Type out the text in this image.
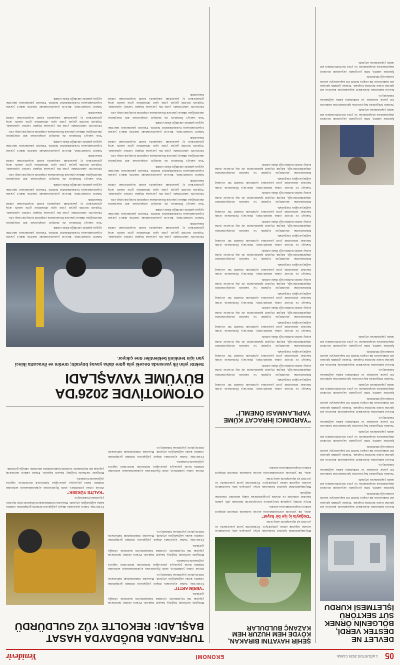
05
1 AĞUSTOS 2025 CUMA
EKONOMİ
Yenidevir
DEVLET NE DESTEK VERDİ, BÖLGENİN ÖRNEK SÜT SEKTÖRÜ İŞLETMESİ KURDU

Kırsal kalkınma destekleri kapsamında kurulan süt işleme tesisi üretime başladı. Tesiste günlük işlenen süt miktarının ilk etapta belirli bir kapasiteyle sınırlı tutulacağı bildirildi.

İşletme sahibi, hibe programı sayesinde modern ekipmanlara ulaştıklarını ve yöre üreticilerinden süt alımı yaptıklarını söyledi.

Tesisin bölgedeki hayvancılık işletmelerine istikrarlı bir pazar sunması ve istihdama katkı sağlaması bekleniyor.

Kırsal kalkınma destekleri kapsamında kurulan süt işleme tesisi üretime başladı. Tesiste günlük işlenen süt miktarının ilk etapta belirli bir kapasiteyle sınırlı tutulacağı bildirildi.

İşletme sahibi, hibe programı sayesinde modern ekipmanlara ulaştıklarını ve yöre üreticilerinden süt alımı yaptıklarını söyledi.

Tesisin bölgedeki hayvancılık işletmelerine istikrarlı bir pazar sunması ve istihdama katkı sağlaması bekleniyor.

Kırsal kalkınma destekleri kapsamında kurulan süt işleme tesisi üretime başladı. Tesiste günlük işlenen süt miktarının ilk etapta belirli bir kapasiteyle sınırlı tutulacağı bildirildi.

İşletme sahibi, hibe programı sayesinde modern ekipmanlara ulaştıklarını ve yöre üreticilerinden süt alımı yaptıklarını söyledi.

Tesisin bölgedeki hayvancılık işletmelerine istikrarlı bir pazar sunması ve istihdama katkı sağlaması bekleniyor.

Kırsal kalkınma destekleri kapsamında kurulan süt işleme tesisi üretime başladı. Tesiste günlük işlenen süt miktarının ilk etapta belirli bir kapasiteyle sınırlı tutulacağı bildirildi.

İşletme sahibi, hibe programı sayesinde modern ekipmanlara ulaştıklarını ve yöre üreticilerinden süt alımı yaptıklarını söyledi.

İşletme sahibi, hibe programı sayesinde modern ekipmanlara ulaştıklarını ve yöre üreticilerinden süt alımı yaptıklarını söyledi.

Tesisin bölgedeki hayvancılık işletmelerine istikrarlı bir pazar sunması ve istihdama katkı sağlaması bekleniyor.

Kırsal kalkınma destekleri kapsamında kurulan süt işleme tesisi üretime başladı. Tesiste günlük işlenen süt miktarının ilk etapta belirli bir kapasiteyle sınırlı tutulacağı bildirildi.

İşletme sahibi, hibe programı sayesinde modern ekipmanlara ulaştıklarını ve yöre üreticilerinden süt alımı yaptıklarını söyledi.

ŞEHİR HAYATINI BIRAKAN, KÖYDE HEM HUZUR HEM KAZANÇ BULDULAR

Büyükşehirdeki işlerini bırakarak köye yerleşen aile, kurdukları serada organik sebze yetiştiriyor. Ürünlerini yerel pazarlarda ve çevrim içi siparişlerle satıyorlar.

"Doğayla iç içe bir hayat"

Aile, ilk yıllarda zorlandıklarını ancak zamanla düzenli müşteri kitlesi oluşturduklarını anlattı.

Köye dönüş yapmak isteyenlere tavsiyelerde bulunan çift, planlı hareket etmenin ve destek programlarını takip etmenin önemine değindi.

Büyükşehirdeki işlerini bırakarak köye yerleşen aile, kurdukları serada organik sebze yetiştiriyor. Ürünlerini yerel pazarlarda ve çevrim içi siparişlerle satıyorlar.

Aile, ilk yıllarda zorlandıklarını ancak zamanla düzenli müşteri kitlesi oluşturduklarını anlattı.

"YARDIMCI İHRACAT KÜME YAPILANMASI ÖNEMLİ"

Sanayi ve ticaret odası temsilcileri, ihracatçı firmaların ortak hareket etmesinin yeni pazarlara açılmada önemli bir avantaj sağlayacağını vurguladı.

Kümelenme modeliyle lojistik ve tanıtım maliyetlerinin düşürülebileceği, küçük ölçekli işletmelerin de dış ticarete daha kolay dahil olabileceği ifade edildi.

Sanayi ve ticaret odası temsilcileri, ihracatçı firmaların ortak hareket etmesinin yeni pazarlara açılmada önemli bir avantaj sağlayacağını vurguladı.

Kümelenme modeliyle lojistik ve tanıtım maliyetlerinin düşürülebileceği, küçük ölçekli işletmelerin de dış ticarete daha kolay dahil olabileceği ifade edildi.

Sanayi ve ticaret odası temsilcileri, ihracatçı firmaların ortak hareket etmesinin yeni pazarlara açılmada önemli bir avantaj sağlayacağını vurguladı.

Kümelenme modeliyle lojistik ve tanıtım maliyetlerinin düşürülebileceği, küçük ölçekli işletmelerin de dış ticarete daha kolay dahil olabileceği ifade edildi.

Sanayi ve ticaret odası temsilcileri, ihracatçı firmaların ortak hareket etmesinin yeni pazarlara açılmada önemli bir avantaj sağlayacağını vurguladı.

Kümelenme modeliyle lojistik ve tanıtım maliyetlerinin düşürülebileceği, küçük ölçekli işletmelerin de dış ticarete daha kolay dahil olabileceği ifade edildi.

Sanayi ve ticaret odası temsilcileri, ihracatçı firmaların ortak hareket etmesinin yeni pazarlara açılmada önemli bir avantaj sağlayacağını vurguladı.

Kümelenme modeliyle lojistik ve tanıtım maliyetlerinin düşürülebileceği, küçük ölçekli işletmelerin de dış ticarete daha kolay dahil olabileceği ifade edildi.

Sanayi ve ticaret odası temsilcileri, ihracatçı firmaların ortak hareket etmesinin yeni pazarlara açılmada önemli bir avantaj sağlayacağını vurguladı.

Kümelenme modeliyle lojistik ve tanıtım maliyetlerinin düşürülebileceği, küçük ölçekli işletmelerin de dış ticarete daha kolay dahil olabileceği ifade edildi.

Sanayi ve ticaret odası temsilcileri, ihracatçı firmaların ortak hareket etmesinin yeni pazarlara açılmada önemli bir avantaj sağlayacağını vurguladı.

Kümelenme modeliyle lojistik ve tanıtım maliyetlerinin düşürülebileceği, küçük ölçekli işletmelerin de dış ticarete daha kolay dahil olabileceği ifade edildi.

Sanayi ve ticaret odası temsilcileri, ihracatçı firmaların ortak hareket etmesinin yeni pazarlara açılmada önemli bir avantaj sağlayacağını vurguladı.

Kümelenme modeliyle lojistik ve tanıtım maliyetlerinin düşürülebileceği, küçük ölçekli işletmelerin de dış ticarete daha kolay dahil olabileceği ifade edildi.

TURFANDA BUĞDAYDA HASAT BAŞLADI: REKOLTE YÜZ GULDÜRDÜ

Bölgede turfanda buğday hasadı başladı. Erken ekilen tarlalarda yapılan ilk biçimlerde verimin beklentilerin üzerinde olduğu görüldü.

"VERİM ARTTI"

Üreticiler, bahar aylarında düşen yağışların ürünün gelişimine olumlu katkı sağladığını söyledi. Hasadın önümüzdeki haftalarda tüm ilçelere yayılması bekleniyor.

Ziraat odası yetkilileri, alım fiyatlarının açıklanmasının ardından ürünün hızla piyasaya çıkacağını belirterek üreticilere sigorta çağrısında bulundu.

Bölgede turfanda buğday hasadı başladı. Erken ekilen tarlalarda yapılan ilk biçimlerde verimin beklentilerin üzerinde olduğu görüldü.

Üreticiler, bahar aylarında düşen yağışların ürünün gelişimine olumlu katkı sağladığını söyledi. Hasadın önümüzdeki haftalarda tüm ilçelere yayılması bekleniyor.

Üreticiler, bahar aylarında düşen yağışların ürünün gelişimine olumlu katkı sağladığını söyledi. Hasadın önümüzdeki haftalarda tüm ilçelere yayılması bekleniyor.

"KALİTE YÜKSEK"

Ziraat odası yetkilileri, alım fiyatlarının açıklanmasının ardından ürünün hızla piyasaya çıkacağını belirterek üreticilere sigorta çağrısında bulundu.

Bölgede turfanda buğday hasadı başladı. Erken ekilen tarlalarda yapılan ilk biçimlerde verimin beklentilerin üzerinde olduğu görüldü.

Ziraat odası yetkilileri, alım fiyatlarının açıklanmasının ardından ürünün hızla piyasaya çıkacağını belirterek üreticilere sigorta çağrısında bulundu.

Üreticiler, bahar aylarında düşen yağışların ürünün gelişimine olumlu katkı sağladığını söyledi. Hasadın önümüzdeki haftalarda tüm ilçelere yayılması bekleniyor.

OTOMOTİVDE 2026'DA BÜYÜME YAVAŞLADI
Sektör yılın ilk yarısında önceki yıla göre daha yavaş büyüdü; üretim ve ihracatta ikinci yarı için temkinli beklentiler öne çıkıyor.

Otomotiv sektöründe yılın ilk yarısına ilişkin veriler açıklandı. Toplam üretim geçen yılın aynı dönemine göre sınırlı artış gösterirken iç pazardaki satışlarda kredi koşullarının etkisi hissedildi.

Sektör temsilcileri, ihracat pazarlarındaki talebin ikinci yarıda toparlanmasını beklediklerini belirtti. Yatırım planlarının takvime uygun şekilde sürdüğü ifade edildi.

Yan sanayi firmaları da maliyet artışlarının kâr marjlarını daralttığına dikkat çekerek finansmana erişimde kolaylık talep etti.

Otomotiv sektöründe yılın ilk yarısına ilişkin veriler açıklandı. Toplam üretim geçen yılın aynı dönemine göre sınırlı artış gösterirken iç pazardaki satışlarda kredi koşullarının etkisi hissedildi.

Sektör temsilcileri, ihracat pazarlarındaki talebin ikinci yarıda toparlanmasını beklediklerini belirtti. Yatırım planlarının takvime uygun şekilde sürdüğü ifade edildi.

Yan sanayi firmaları da maliyet artışlarının kâr marjlarını daralttığına dikkat çekerek finansmana erişimde kolaylık talep etti.

Otomotiv sektöründe yılın ilk yarısına ilişkin veriler açıklandı. Toplam üretim geçen yılın aynı dönemine göre sınırlı artış gösterirken iç pazardaki satışlarda kredi koşullarının etkisi hissedildi.

Sektör temsilcileri, ihracat pazarlarındaki talebin ikinci yarıda toparlanmasını beklediklerini belirtti. Yatırım planlarının takvime uygun şekilde sürdüğü ifade edildi.

Yan sanayi firmaları da maliyet artışlarının kâr marjlarını daralttığına dikkat çekerek finansmana erişimde kolaylık talep etti.

Otomotiv sektöründe yılın ilk yarısına ilişkin veriler açıklandı. Toplam üretim geçen yılın aynı dönemine göre sınırlı artış gösterirken iç pazardaki satışlarda kredi koşullarının etkisi hissedildi.

Sektör temsilcileri, ihracat pazarlarındaki talebin ikinci yarıda toparlanmasını beklediklerini belirtti. Yatırım planlarının takvime uygun şekilde sürdüğü ifade edildi.

Yan sanayi firmaları da maliyet artışlarının kâr marjlarını daralttığına dikkat çekerek finansmana erişimde kolaylık talep etti.

Otomotiv sektöründe yılın ilk yarısına ilişkin veriler açıklandı. Toplam üretim geçen yılın aynı dönemine göre sınırlı artış gösterirken iç pazardaki satışlarda kredi koşullarının etkisi hissedildi.

Sektör temsilcileri, ihracat pazarlarındaki talebin ikinci yarıda toparlanmasını beklediklerini belirtti. Yatırım planlarının takvime uygun şekilde sürdüğü ifade edildi.

Yan sanayi firmaları da maliyet artışlarının kâr marjlarını daralttığına dikkat çekerek finansmana erişimde kolaylık talep etti.

Otomotiv sektöründe yılın ilk yarısına ilişkin veriler açıklandı. Toplam üretim geçen yılın aynı dönemine göre sınırlı artış gösterirken iç pazardaki satışlarda kredi koşullarının etkisi hissedildi.

Sektör temsilcileri, ihracat pazarlarındaki talebin ikinci yarıda toparlanmasını beklediklerini belirtti. Yatırım planlarının takvime uygun şekilde sürdüğü ifade edildi.

Yan sanayi firmaları da maliyet artışlarının kâr marjlarını daralttığına dikkat çekerek finansmana erişimde kolaylık talep etti.

Otomotiv sektöründe yılın ilk yarısına ilişkin veriler açıklandı. Toplam üretim geçen yılın aynı dönemine göre sınırlı artış gösterirken iç pazardaki satışlarda kredi koşullarının etkisi hissedildi.

Sektör temsilcileri, ihracat pazarlarındaki talebin ikinci yarıda toparlanmasını beklediklerini belirtti. Yatırım planlarının takvime uygun şekilde sürdüğü ifade edildi.
